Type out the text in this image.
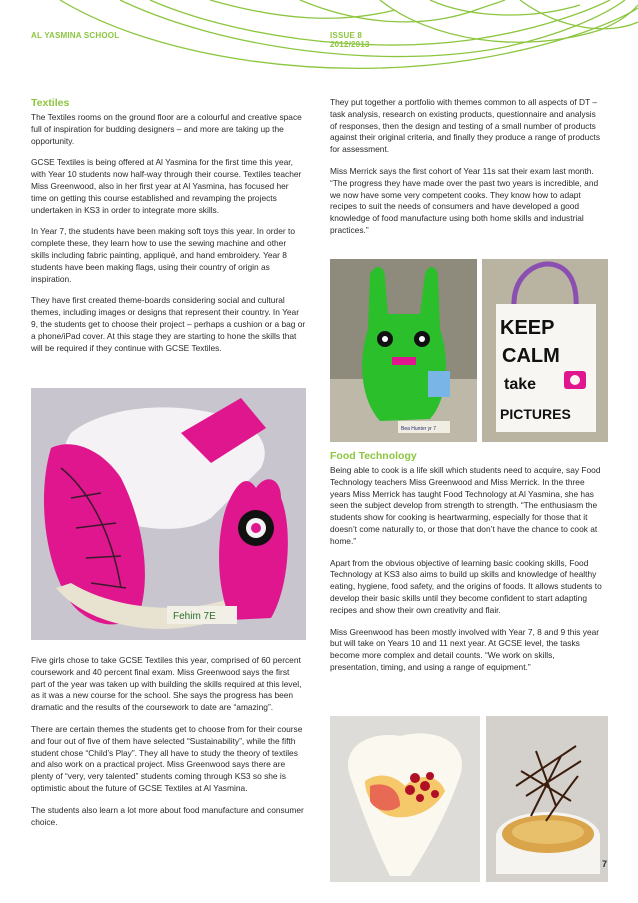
AL YASMINA SCHOOL	ISSUE 8
2012/2013
Textiles

The Textiles rooms on the ground floor are a colourful and creative space full of inspiration for budding designers – and more are taking up the opportunity.

GCSE Textiles is being offered at Al Yasmina for the first time this year, with Year 10 students now half-way through their course. Textiles teacher Miss Greenwood, also in her first year at Al Yasmina, has focused her time on getting this course established and revamping the projects undertaken in KS3 in order to integrate more skills.

In Year 7, the students have been making soft toys this year. In order to complete these, they learn how to use the sewing machine and other skills including fabric painting, appliqué, and hand embroidery. Year 8 students have been making flags, using their country of origin as inspiration.

They have first created theme-boards considering social and cultural themes, including images or designs that represent their country. In Year 9, the students get to choose their project – perhaps a cushion or a bag or a phone/iPad cover. At this stage they are starting to hone the skills that will be required if they continue with GCSE Textiles.

Fehim 7E

Five girls chose to take GCSE Textiles this year, comprised of 60 percent coursework and 40 percent final exam. Miss Greenwood says the first part of the year was taken up with building the skills required at this level, as it was a new course for the school. She says the progress has been dramatic and the results of the coursework to date are “amazing”.

There are certain themes the students get to choose from for their course and four out of five of them have selected “Sustainability”, while the fifth student chose “Child’s Play”. They all have to study the theory of textiles and also work on a practical project. Miss Greenwood says there are plenty of “very, very talented” students coming through KS3 so she is optimistic about the future of GCSE Textiles at Al Yasmina.

The students also learn a lot more about food manufacture and consumer choice.

They put together a portfolio with themes common to all aspects of DT – task analysis, research on existing products, questionnaire and analysis of responses, then the design and testing of a small number of products against their original criteria, and finally they produce a range of products for assessment.

Miss Merrick says the first cohort of Year 11s sat their exam last month. “The progress they have made over the past two years is incredible, and we now have some very competent cooks. They know how to adapt recipes to suit the needs of consumers and have developed a good knowledge of food manufacture using both home skills and industrial practices.”

Bea Hunter yr 7
KEEP
CALM
take
PICTURES
Food Technology

Being able to cook is a life skill which students need to acquire, say Food Technology teachers Miss Greenwood and Miss Merrick. In the three years Miss Merrick has taught Food Technology at Al Yasmina, she has seen the subject develop from strength to strength. “The enthusiasm the students show for cooking is heartwarming, especially for those that it doesn’t come naturally to, or those that don’t have the chance to cook at home.”

Apart from the obvious objective of learning basic cooking skills, Food Technology at KS3 also aims to build up skills and knowledge of healthy eating, hygiene, food safety, and the origins of foods. It allows students to develop their basic skills until they become confident to start adapting recipes and show their own creativity and flair.

Miss Greenwood has been mostly involved with Year 7, 8 and 9 this year but will take on Years 10 and 11 next year. At GCSE level, the tasks become more complex and detail counts. “We work on skills, presentation, timing, and using a range of equipment.”

7
